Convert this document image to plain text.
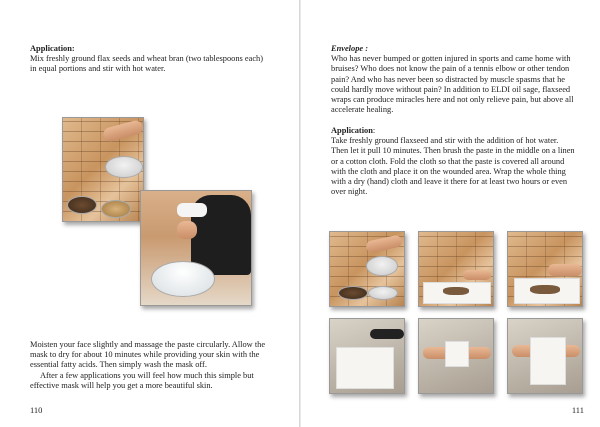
Application:

Mix freshly ground flax seeds and wheat bran (two tablespoons each) in equal portions and stir with hot water.

Moisten your face slightly and massage the paste circularly. Allow the mask to dry for about 10 minutes while providing your skin with the essential fatty acids. Then simply wash the mask off.

After a few applications you will feel how much this simple but effective mask will help you get a more beautiful skin.

110

Envelope :

Who has never bumped or gotten injured in sports and came home with bruises? Who does not know the pain of a tennis elbow or other tendon pain? And who has never been so distracted by muscle spasms that he could hardly move without pain? In addition to ELDI oil sage, flaxseed wraps can produce miracles here and not only relieve pain, but above all accelerate healing.

Application:

Take freshly ground flaxseed and stir with the addition of hot water. Then let it pull 10 minutes. Then brush the paste in the middle on a linen or a cotton cloth. Fold the cloth so that the paste is covered all around with the cloth and place it on the wounded area. Wrap the whole thing with a dry (hand) cloth and leave it there for at least two hours or even over night.

111
